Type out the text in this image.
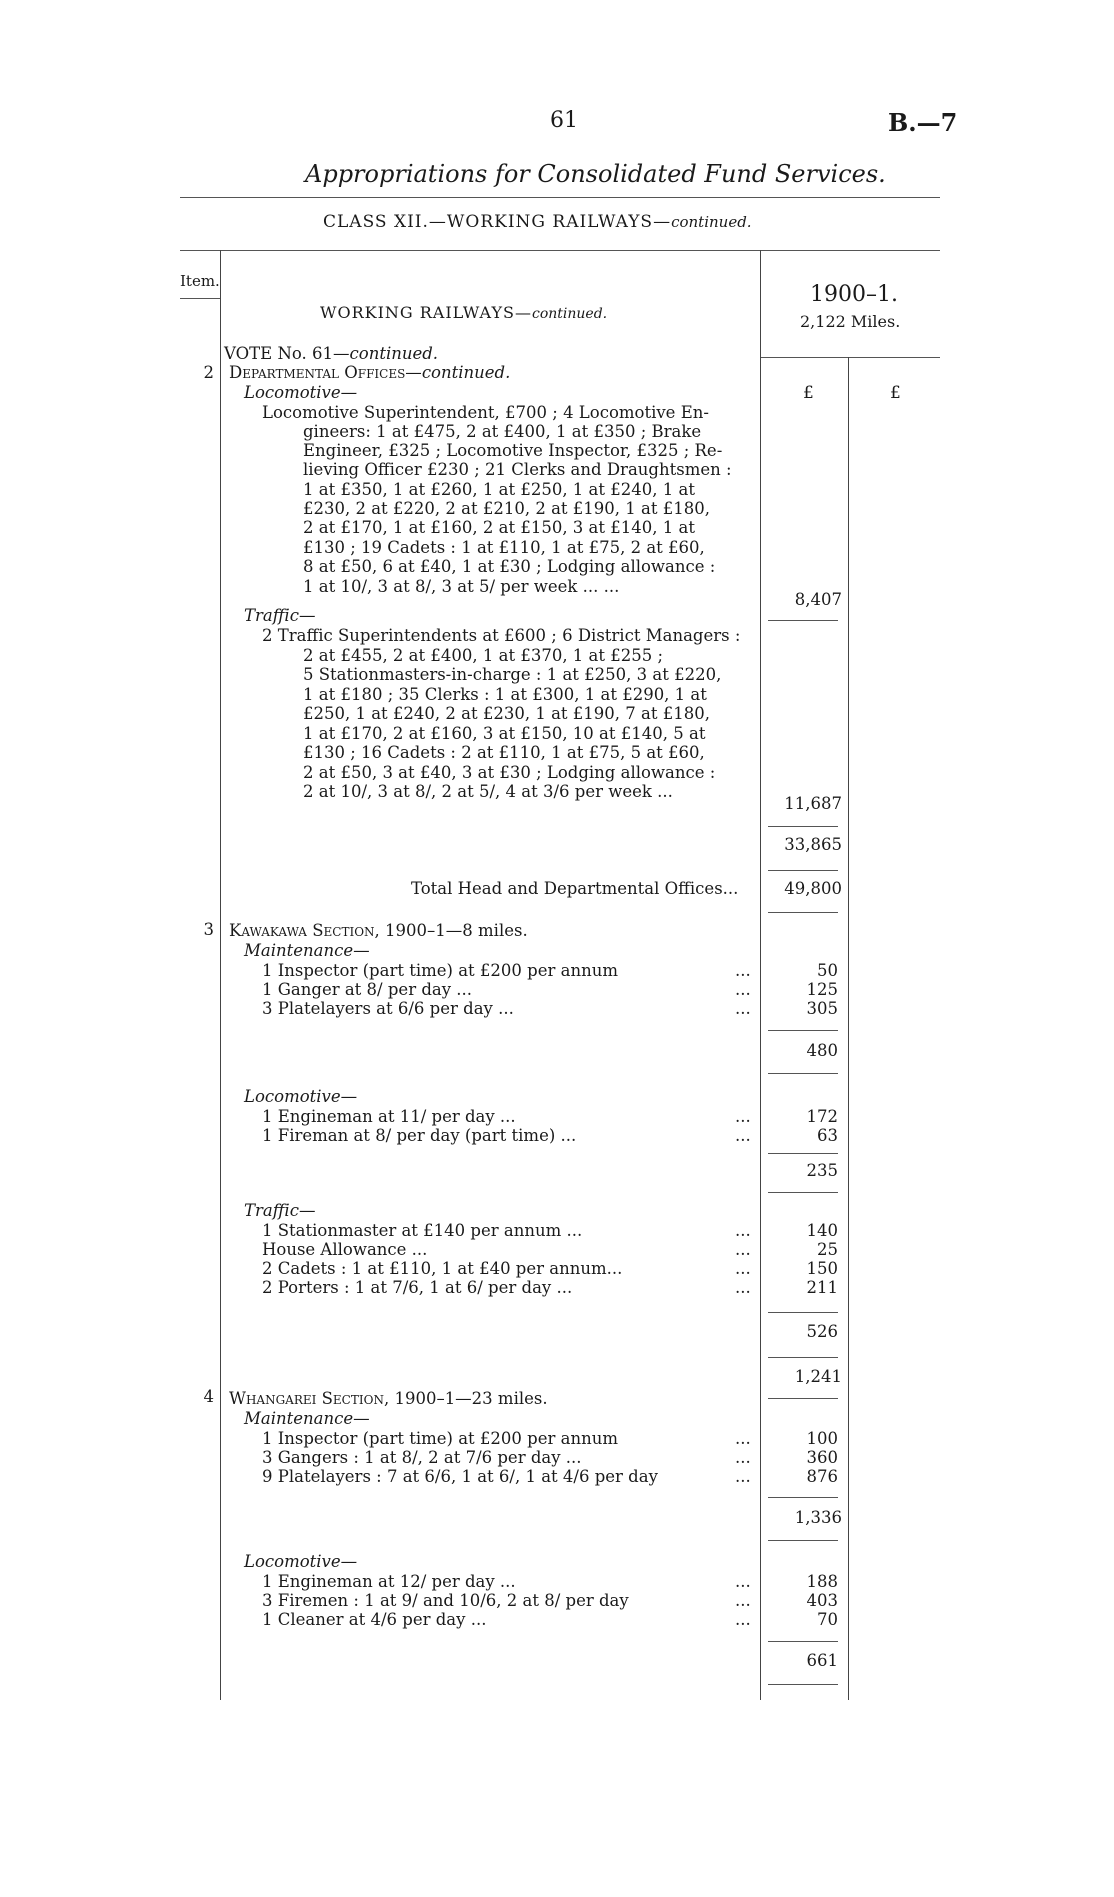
61	B.—7
Appropriations for Consolidated Fund Services.
CLASS XII.—WORKING RAILWAYS—continued.
Item.
WORKING RAILWAYS—continued.
1900–1.
2,122 Miles.
£	£
VOTE No. 61—continued.
2 Departmental Offices—continued.
Locomotive—
Locomotive Superintendent, £700 ; 4 Locomotive En-
gineers: 1 at £475, 2 at £400, 1 at £350 ; Brake
Engineer, £325 ; Locomotive Inspector, £325 ; Re-
lieving Officer £230 ; 21 Clerks and Draughtsmen :
1 at £350, 1 at £260, 1 at £250, 1 at £240, 1 at
£230, 2 at £220, 2 at £210, 2 at £190, 1 at £180,
2 at £170, 1 at £160, 2 at £150, 3 at £140, 1 at
£130 ; 19 Cadets : 1 at £110, 1 at £75, 2 at £60,
8 at £50, 6 at £40, 1 at £30 ; Lodging allowance :
1 at 10/, 3 at 8/, 3 at 5/ per week ... ...
8,407
Traffic—
2 Traffic Superintendents at £600 ; 6 District Managers :
2 at £455, 2 at £400, 1 at £370, 1 at £255 ;
5 Stationmasters-in-charge : 1 at £250, 3 at £220,
1 at £180 ; 35 Clerks : 1 at £300, 1 at £290, 1 at
£250, 1 at £240, 2 at £230, 1 at £190, 7 at £180,
1 at £170, 2 at £160, 3 at £150, 10 at £140, 5 at
£130 ; 16 Cadets : 2 at £110, 1 at £75, 5 at £60,
2 at £50, 3 at £40, 3 at £30 ; Lodging allowance :
2 at 10/, 3 at 8/, 2 at 5/, 4 at 3/6 per week ...
11,687
33,865
Total Head and Departmental Offices...	49,800
3 Kawakawa Section, 1900–1—8 miles.
Maintenance—
1 Inspector (part time) at £200 per annum	...	50
1 Ganger at 8/ per day ...	...	125
3 Platelayers at 6/6 per day ...	...	305
480
Locomotive—
1 Engineman at 11/ per day ...	...	172
1 Fireman at 8/ per day (part time) ...	...	63
235
Traffic—
1 Stationmaster at £140 per annum ...	...	140
House Allowance ...	...	25
2 Cadets : 1 at £110, 1 at £40 per annum...	...	150
2 Porters : 1 at 7/6, 1 at 6/ per day ...	...	211
526
1,241
4 Whangarei Section, 1900–1—23 miles.
Maintenance—
1 Inspector (part time) at £200 per annum	...	100
3 Gangers : 1 at 8/, 2 at 7/6 per day ...	...	360
9 Platelayers : 7 at 6/6, 1 at 6/, 1 at 4/6 per day	...	876
1,336
Locomotive—
1 Engineman at 12/ per day ...	...	188
3 Firemen : 1 at 9/ and 10/6, 2 at 8/ per day	...	403
1 Cleaner at 4/6 per day ...	...	70
661
